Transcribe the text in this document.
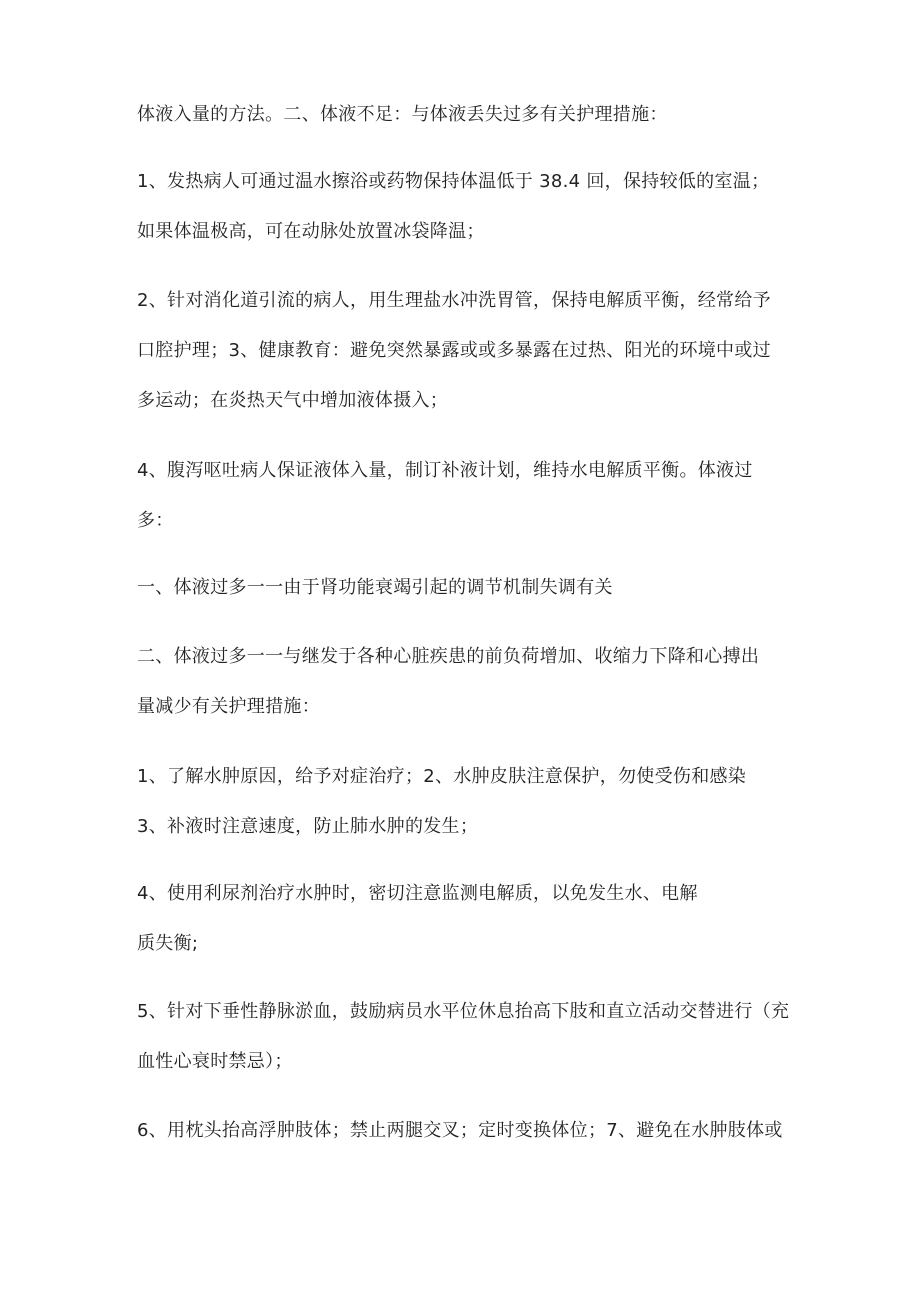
体液入量的方法。二、体液不足：与体液丢失过多有关护理措施：
1、发热病人可通过温水擦浴或药物保持体温低于 38.4 回，保持较低的室温；
如果体温极高，可在动脉处放置冰袋降温；
2、针对消化道引流的病人，用生理盐水冲洗胃管，保持电解质平衡，经常给予
口腔护理；3、健康教育：避免突然暴露或或多暴露在过热、阳光的环境中或过
多运动；在炎热天气中增加液体摄入；
4、腹泻呕吐病人保证液体入量，制订补液计划，维持水电解质平衡。体液过
多：
一、体液过多一一由于肾功能衰竭引起的调节机制失调有关
二、体液过多一一与继发于各种心脏疾患的前负荷增加、收缩力下降和心搏出
量减少有关护理措施：
1、了解水肿原因，给予对症治疗；2、水肿皮肤注意保护，勿使受伤和感染
3、补液时注意速度，防止肺水肿的发生；
4、使用利尿剂治疗水肿时，密切注意监测电解质，以免发生水、电解
质失衡;
5、针对下垂性静脉淤血，鼓励病员水平位休息抬高下肢和直立活动交替进行（充
血性心衰时禁忌）；
6、用枕头抬高浮肿肢体；禁止两腿交叉；定时变换体位；7、避免在水肿肢体或
